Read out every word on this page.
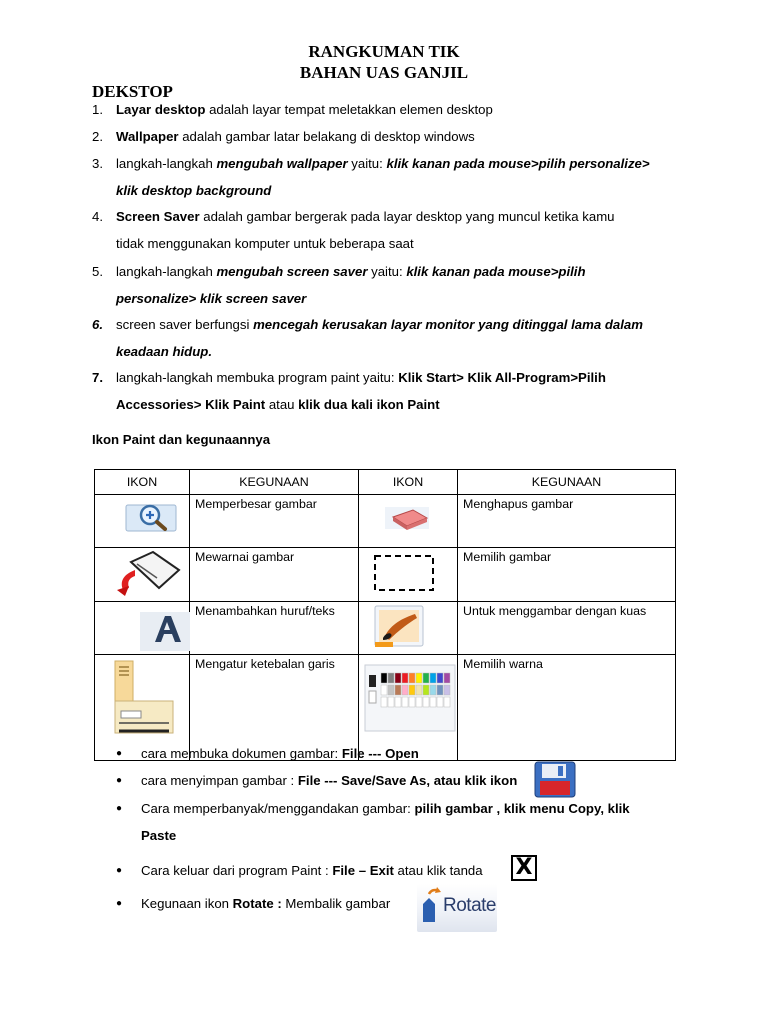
RANGKUMAN TIK
BAHAN UAS GANJIL
DEKSTOP
1. Layar desktop adalah layar tempat meletakkan elemen desktop
2. Wallpaper adalah gambar latar belakang di desktop windows
3. langkah-langkah mengubah wallpaper yaitu: klik kanan pada mouse>pilih personalize>
klik desktop background
4. Screen Saver adalah gambar bergerak pada layar desktop yang muncul ketika kamu
tidak menggunakan komputer untuk beberapa saat
5. langkah-langkah mengubah screen saver yaitu: klik kanan pada mouse>pilih
personalize> klik screen saver
6. screen saver berfungsi mencegah kerusakan layar monitor yang ditinggal lama dalam
keadaan hidup.
7. langkah-langkah membuka program paint yaitu: Klik Start> Klik All-Program>Pilih
Accessories> Klik Paint atau klik dua kali ikon Paint
Ikon Paint dan kegunaannya
IKON	KEGUNAAN	IKON	KEGUNAAN

Memperbesar gambar		Menghapus gambar

Mewarnai gambar		Memilih gambar

Menambahkan huruf/teks		Untuk menggambar dengan kuas

Mengatur ketebalan garis		Memilih warna
● cara membuka dokumen gambar: File --- Open
● cara menyimpan gambar : File --- Save/Save As, atau klik ikon
● Cara memperbanyak/menggandakan gambar: pilih gambar , klik menu Copy, klik
Paste
● Cara keluar dari program Paint : File – Exit atau klik tanda X
● Kegunaan ikon Rotate : Membalik gambar	Rotate
